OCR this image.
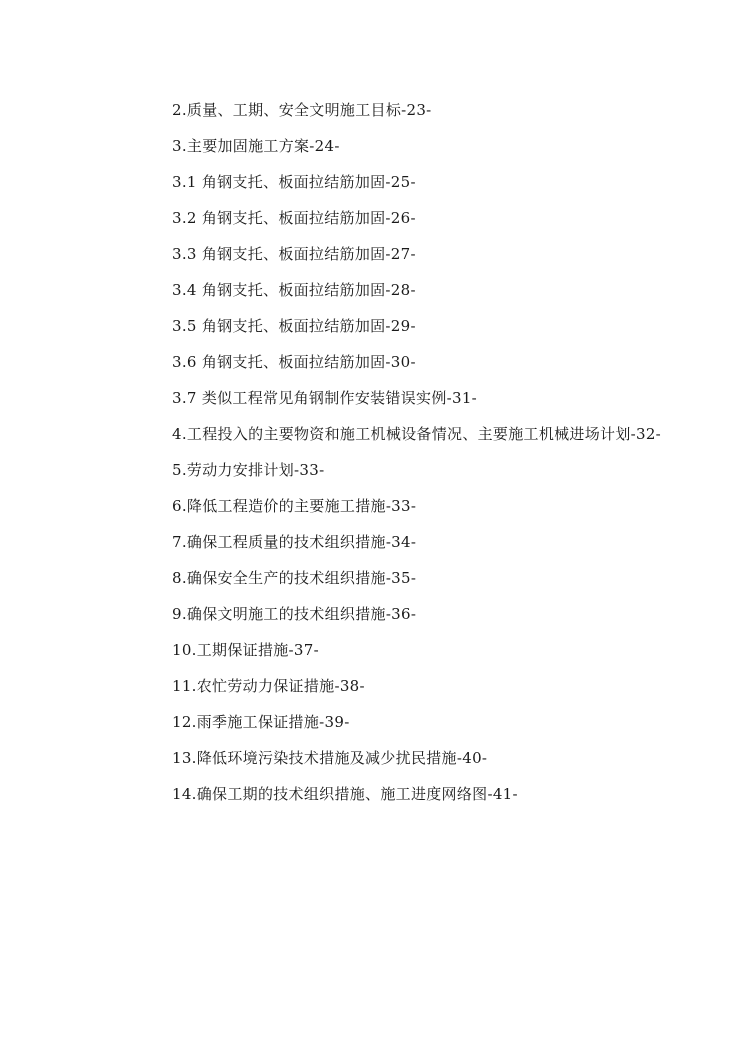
2.质量、工期、安全文明施工目标-23-
3.主要加固施工方案-24-
3.1 角钢支托、板面拉结筋加固-25-
3.2 角钢支托、板面拉结筋加固-26-
3.3 角钢支托、板面拉结筋加固-27-
3.4 角钢支托、板面拉结筋加固-28-
3.5 角钢支托、板面拉结筋加固-29-
3.6 角钢支托、板面拉结筋加固-30-
3.7 类似工程常见角钢制作安装错误实例-31-
4.工程投入的主要物资和施工机械设备情况、主要施工机械进场计划-32-
5.劳动力安排计划-33-
6.降低工程造价的主要施工措施-33-
7.确保工程质量的技术组织措施-34-
8.确保安全生产的技术组织措施-35-
9.确保文明施工的技术组织措施-36-
10.工期保证措施-37-
11.农忙劳动力保证措施-38-
12.雨季施工保证措施-39-
13.降低环境污染技术措施及减少扰民措施-40-
14.确保工期的技术组织措施、施工进度网络图-41-
